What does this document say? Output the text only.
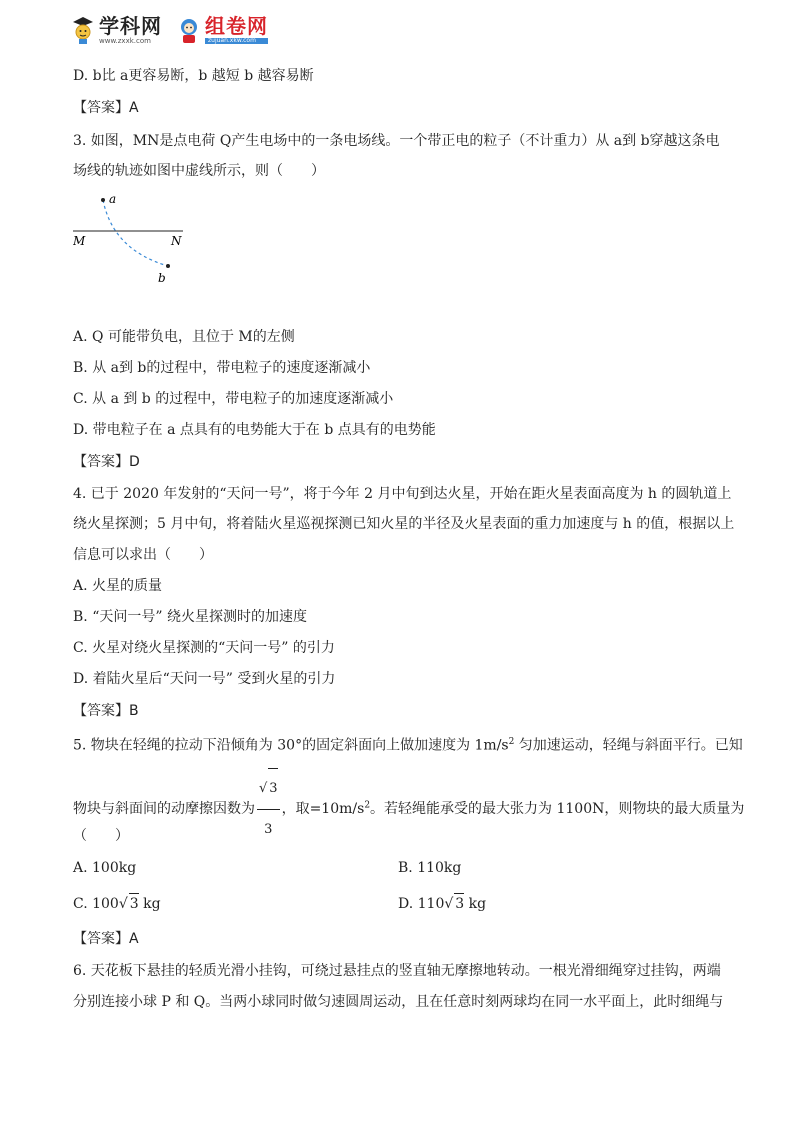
学科网
www.zxxk.com
组卷网
zujuan.xkw.com
D. b比 a更容易断，b 越短 b 越容易断
【答案】A
3. 如图，MN是点电荷 Q产生电场中的一条电场线。一个带正电的粒子（不计重力）从 a到 b穿越这条电
场线的轨迹如图中虚线所示，则（　　）
a
b
M	N
A. Q 可能带负电，且位于 M的左侧
B. 从 a到 b的过程中，带电粒子的速度逐渐减小
C. 从 a 到 b 的过程中，带电粒子的加速度逐渐减小
D. 带电粒子在 a 点具有的电势能大于在 b 点具有的电势能
【答案】D
4. 已于 2020 年发射的“天问一号”，将于今年 2 月中旬到达火星，开始在距火星表面高度为 h 的圆轨道上
绕火星探测；5 月中旬，将着陆火星巡视探测已知火星的半径及火星表面的重力加速度与 h 的值，根据以上
信息可以求出（　　）
A. 火星的质量
B. “天问一号” 绕火星探测时的加速度
C. 火星对绕火星探测的“天问一号” 的引力
D. 着陆火星后“天问一号” 受到火星的引力
【答案】B
5. 物块在轻绳的拉动下沿倾角为 30°的固定斜面向上做加速度为 $1m/s^2$ 匀加速运动，轻绳与斜面平行。已知
物块与斜面间的动摩擦因数为 $\frac{√ 3}{3}$ ，取$=10m/s^2$。若轻绳能承受的最大张力为 1100N，则物块的最大质量为
（　　）
A. 100kg	B. 110kg
C. 100√ 3 kg	D. 110√ 3 kg
【答案】A
6. 天花板下悬挂的轻质光滑小挂钩，可绕过悬挂点的竖直轴无摩擦地转动。一根光滑细绳穿过挂钩，两端
分别连接小球 P 和 Q。当两小球同时做匀速圆周运动，且在任意时刻两球均在同一水平面上，此时细绳与
